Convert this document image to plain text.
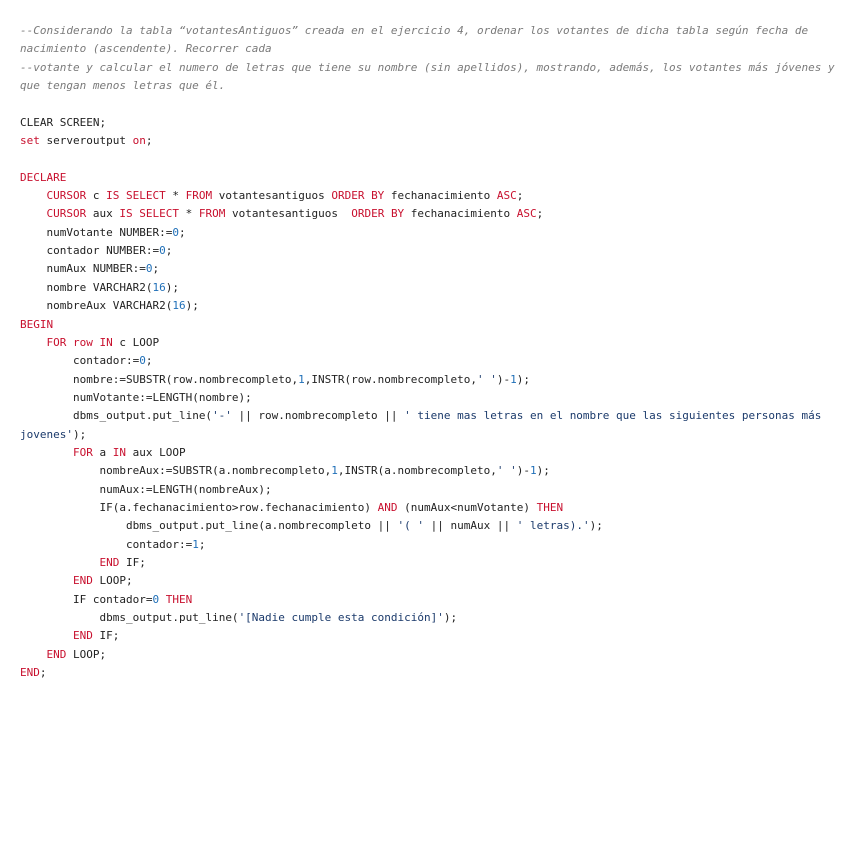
--Considerando la tabla “votantesAntiguos” creada en el ejercicio 4, ordenar los votantes de dicha tabla según fecha de nacimiento (ascendente). Recorrer cada
--votante y calcular el numero de letras que tiene su nombre (sin apellidos), mostrando, además, los votantes más jóvenes y que tengan menos letras que él.
CLEAR SCREEN;
set serveroutput on;
DECLARE
CURSOR c IS SELECT * FROM votantesantiguos ORDER BY fechanacimiento ASC;
CURSOR aux IS SELECT * FROM votantesantiguos  ORDER BY fechanacimiento ASC;
numVotante NUMBER:=0;
contador NUMBER:=0;
numAux NUMBER:=0;
nombre VARCHAR2(16);
nombreAux VARCHAR2(16);
BEGIN
FOR row IN c LOOP
contador:=0;
nombre:=SUBSTR(row.nombrecompleto,1,INSTR(row.nombrecompleto,' ')-1);
numVotante:=LENGTH(nombre);
dbms_output.put_line('-' || row.nombrecompleto || ' tiene mas letras en el nombre que las siguientes personas más jovenes');
FOR a IN aux LOOP
nombreAux:=SUBSTR(a.nombrecompleto,1,INSTR(a.nombrecompleto,' ')-1);
numAux:=LENGTH(nombreAux);
IF(a.fechanacimiento>row.fechanacimiento) AND (numAux<numVotante) THEN
dbms_output.put_line(a.nombrecompleto || '( ' || numAux || ' letras).');
contador:=1;
END IF;
END LOOP;
IF contador=0 THEN
dbms_output.put_line('[Nadie cumple esta condición]');
END IF;
END LOOP;
END;
